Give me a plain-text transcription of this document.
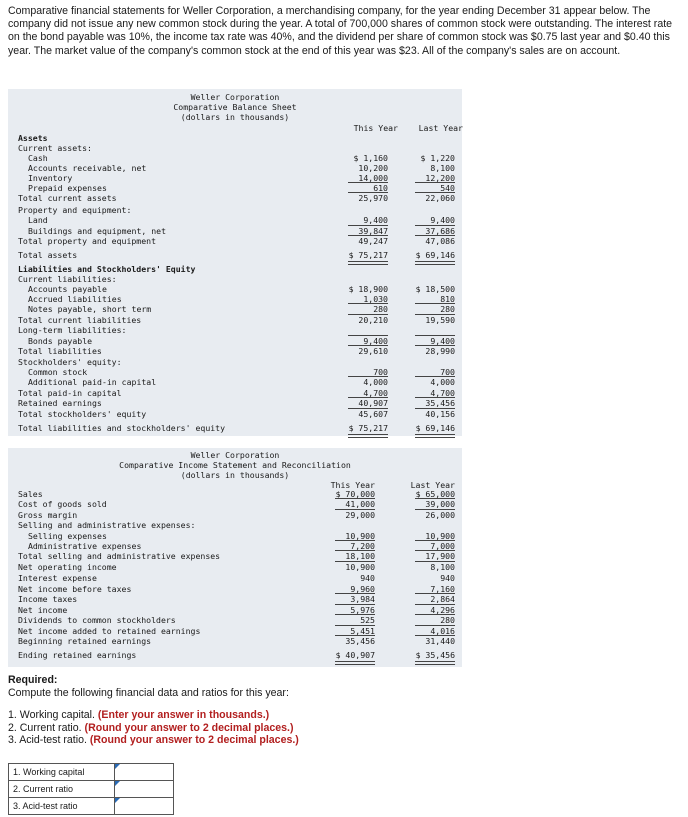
Comparative financial statements for Weller Corporation, a merchandising company, for the year ending December 31 appear below. The company did not issue any new common stock during the year. A total of 700,000 shares of common stock were outstanding. The interest rate on the bond payable was 10%, the income tax rate was 40%, and the dividend per share of common stock was $0.75 last year and $0.40 this year. The market value of the company's common stock at the end of this year was $23. All of the company's sales are on account.

Weller Corporation
Comparative Balance Sheet
(dollars in thousands)
This Year	Last Year
Assets
Current assets:
Cash	$ 1,160	$ 1,220
Accounts receivable, net	10,200	8,100
Inventory	14,000	12,200
Prepaid expenses	610	540
Total current assets	25,970	22,060
Property and equipment:
Land	9,400	9,400
Buildings and equipment, net	39,847	37,686
Total property and equipment	49,247	47,086
Total assets	$ 75,217	$ 69,146
Liabilities and Stockholders' Equity
Current liabilities:
Accounts payable	$ 18,900	$ 18,500
Accrued liabilities	1,030	810
Notes payable, short term	280	280
Total current liabilities	20,210	19,590
Long-term liabilities:
Bonds payable	9,400	9,400
Total liabilities	29,610	28,990
Stockholders' equity:
Common stock	700	700
Additional paid-in capital	4,000	4,000
Total paid-in capital	4,700	4,700
Retained earnings	40,907	35,456
Total stockholders' equity	45,607	40,156
Total liabilities and stockholders' equity	$ 75,217	$ 69,146
Weller Corporation
Comparative Income Statement and Reconciliation
(dollars in thousands)
This Year	Last Year
Sales	$ 70,000	$ 65,000
Cost of goods sold	41,000	39,000
Gross margin	29,000	26,000
Selling and administrative expenses:
Selling expenses	10,900	10,900
Administrative expenses	7,200	7,000
Total selling and administrative expenses	18,100	17,900
Net operating income	10,900	8,100
Interest expense	940	940
Net income before taxes	9,960	7,160
Income taxes	3,984	2,864
Net income	5,976	4,296
Dividends to common stockholders	525	280
Net income added to retained earnings	5,451	4,016
Beginning retained earnings	35,456	31,440
Ending retained earnings	$ 40,907	$ 35,456
Required:
Compute the following financial data and ratios for this year:
1. Working capital. (Enter your answer in thousands.)
2. Current ratio. (Round your answer to 2 decimal places.)
3. Acid-test ratio. (Round your answer to 2 decimal places.)
1. Working capital	

2. Current ratio	

3. Acid-test ratio	
